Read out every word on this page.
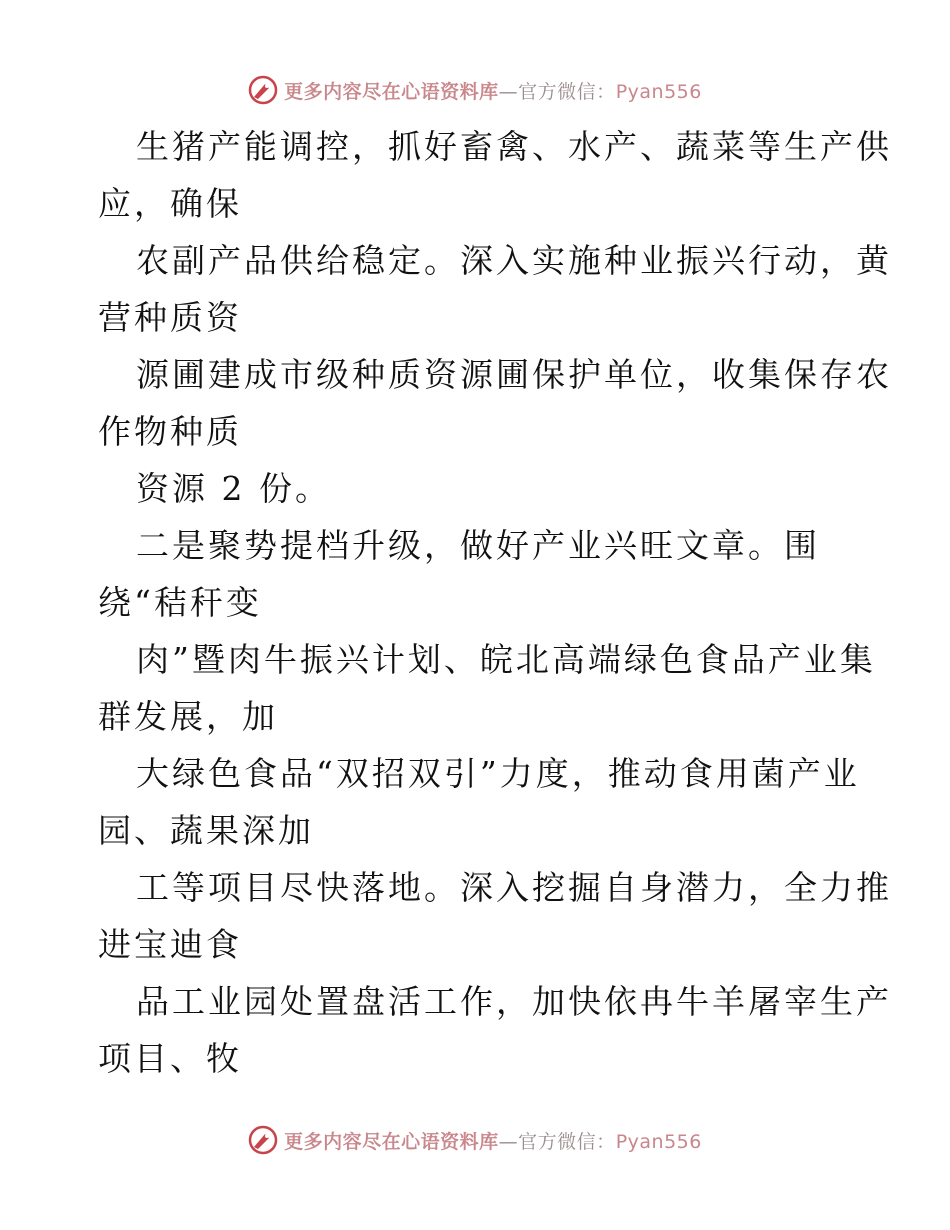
更多内容尽在心语资料库—官方微信：Pyan556
生猪产能调控，抓好畜禽、水产、蔬菜等生产供
应，确保
农副产品供给稳定。深入实施种业振兴行动，黄
营种质资
源圃建成市级种质资源圃保护单位，收集保存农
作物种质
资源 2 份。
二是聚势提档升级，做好产业兴旺文章。围
绕“秸秆变
肉”暨肉牛振兴计划、皖北高端绿色食品产业集
群发展，加
大绿色食品“双招双引”力度，推动食用菌产业
园、蔬果深加
工等项目尽快落地。深入挖掘自身潜力，全力推
进宝迪食
品工业园处置盘活工作，加快依冉牛羊屠宰生产
项目、牧
更多内容尽在心语资料库—官方微信：Pyan556
